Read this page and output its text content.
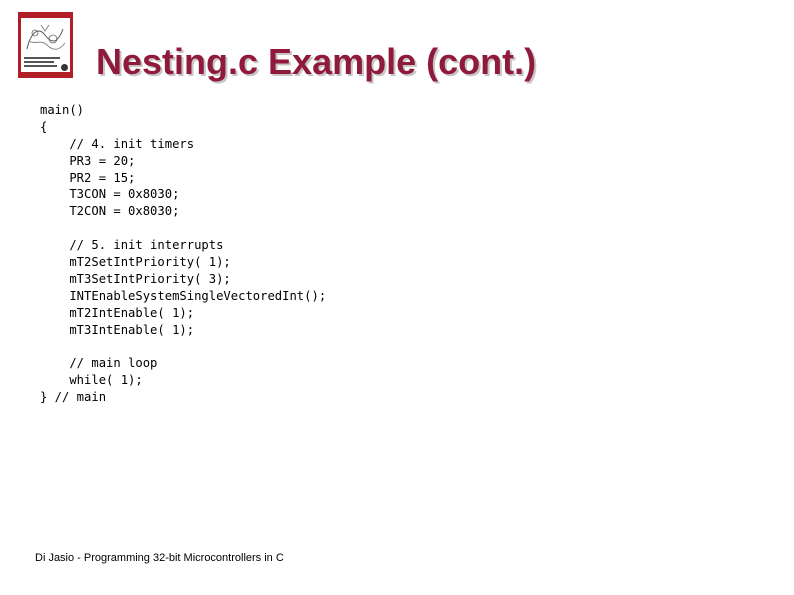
Nesting.c Example (cont.)
main()
{
// 4. init timers
PR3 = 20;
PR2 = 15;
T3CON = 0x8030;
T2CON = 0x8030;
// 5. init interrupts
mT2SetIntPriority( 1);
mT3SetIntPriority( 3);
INTEnableSystemSingleVectoredInt();
mT2IntEnable( 1);
mT3IntEnable( 1);
// main loop
while( 1);
} // main
Di Jasio - Programming 32-bit Microcontrollers in C
